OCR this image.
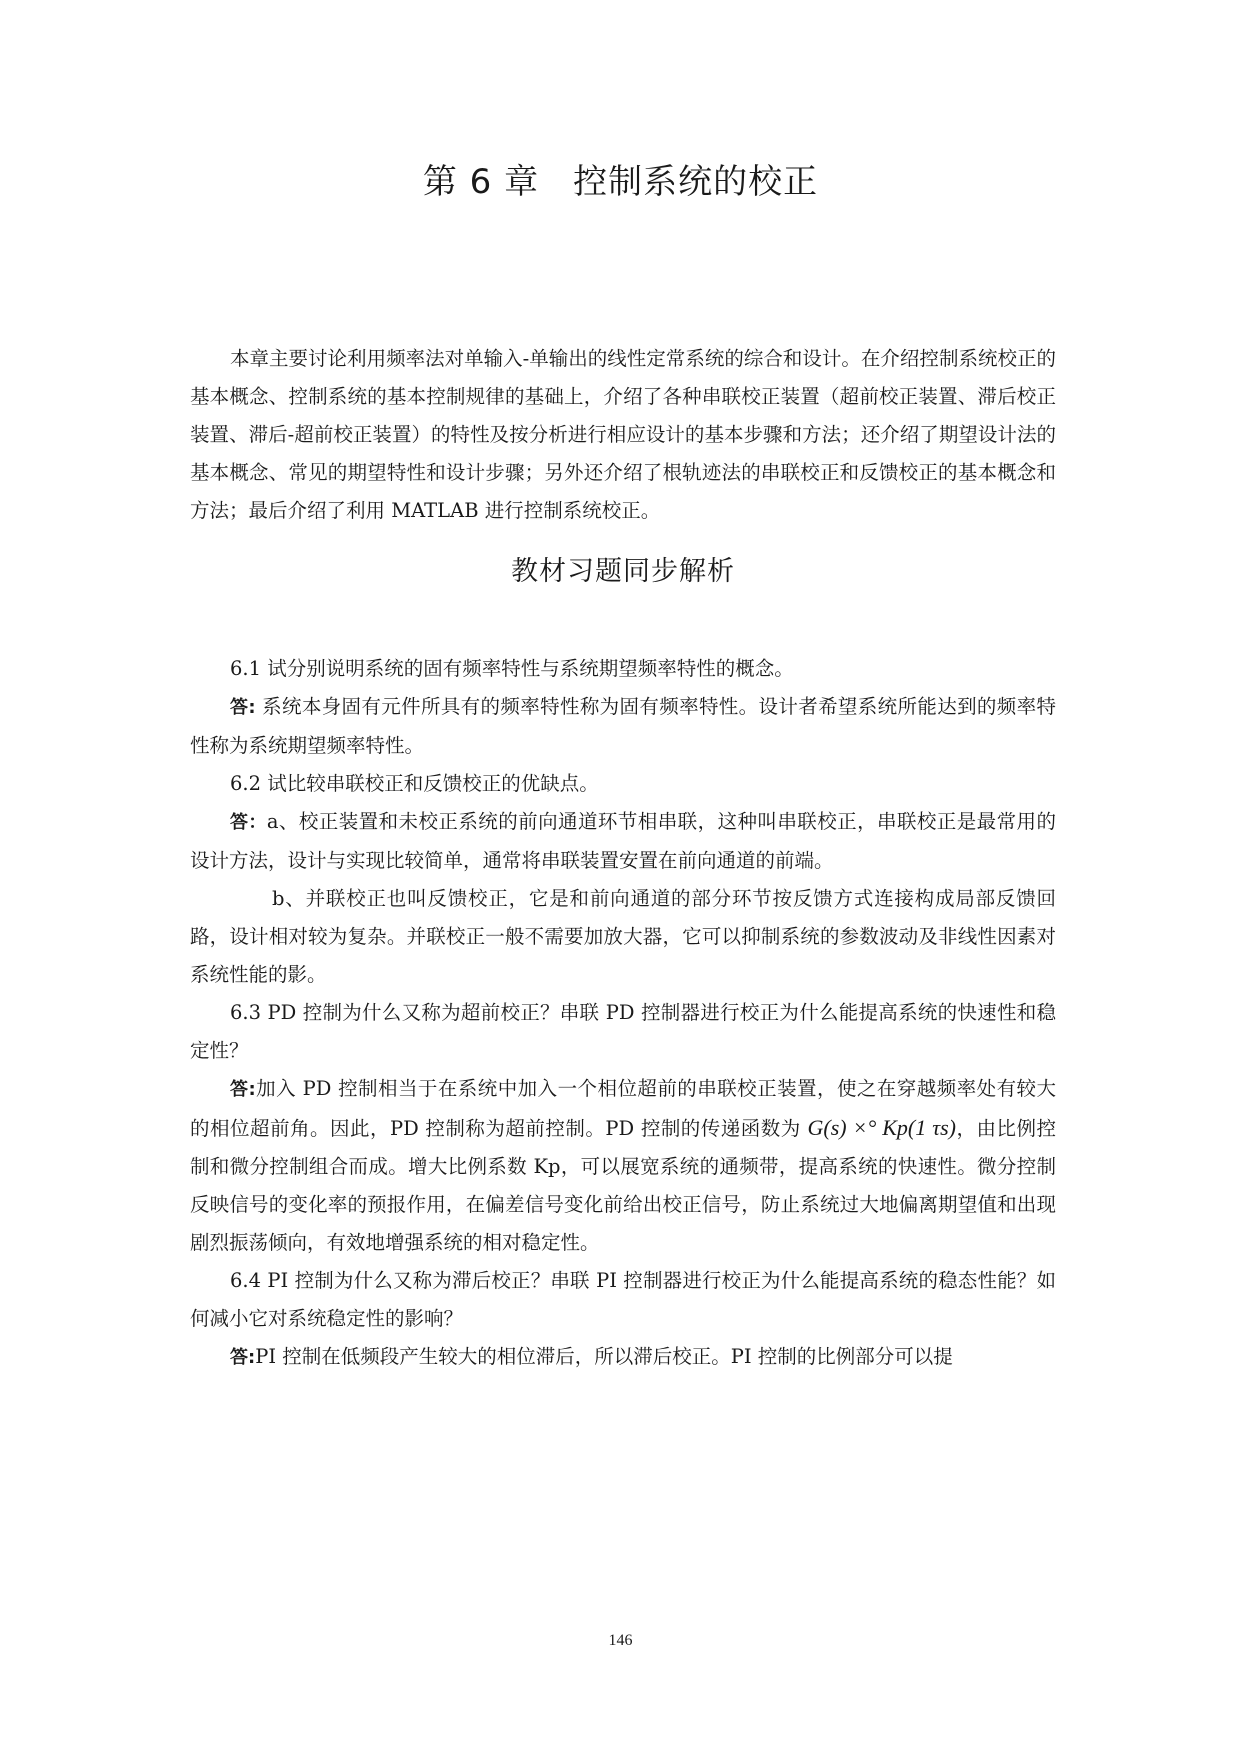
第 6 章 控制系统的校正

本章主要讨论利用频率法对单输入-单输出的线性定常系统的综合和设计。在介绍控制系统校正的基本概念、控制系统的基本控制规律的基础上，介绍了各种串联校正装置（超前校正装置、滞后校正装置、滞后-超前校正装置）的特性及按分析进行相应设计的基本步骤和方法；还介绍了期望设计法的基本概念、常见的期望特性和设计步骤；另外还介绍了根轨迹法的串联校正和反馈校正的基本概念和方法；最后介绍了利用 MATLAB 进行控制系统校正。

教材习题同步解析

6.1 试分别说明系统的固有频率特性与系统期望频率特性的概念。

答: 系统本身固有元件所具有的频率特性称为固有频率特性。设计者希望系统所能达到的频率特性称为系统期望频率特性。

6.2 试比较串联校正和反馈校正的优缺点。

答：a、校正装置和未校正系统的前向通道环节相串联，这种叫串联校正，串联校正是最常用的设计方法，设计与实现比较简单，通常将串联装置安置在前向通道的前端。

b、并联校正也叫反馈校正，它是和前向通道的部分环节按反馈方式连接构成局部反馈回路，设计相对较为复杂。并联校正一般不需要加放大器，它可以抑制系统的参数波动及非线性因素对系统性能的影。

6.3 PD 控制为什么又称为超前校正？串联 PD 控制器进行校正为什么能提高系统的快速性和稳定性？

答:加入 PD 控制相当于在系统中加入一个相位超前的串联校正装置，使之在穿越频率处有较大的相位超前角。因此，PD 控制称为超前控制。PD 控制的传递函数为 G(s) ×° Kp(1 τs)，由比例控制和微分控制组合而成。增大比例系数 Kp，可以展宽系统的通频带，提高系统的快速性。微分控制反映信号的变化率的预报作用，在偏差信号变化前给出校正信号，防止系统过大地偏离期望值和出现剧烈振荡倾向，有效地增强系统的相对稳定性。

6.4 PI 控制为什么又称为滞后校正？串联 PI 控制器进行校正为什么能提高系统的稳态性能？如何减小它对系统稳定性的影响？

答:PI 控制在低频段产生较大的相位滞后，所以滞后校正。PI 控制的比例部分可以提

146
